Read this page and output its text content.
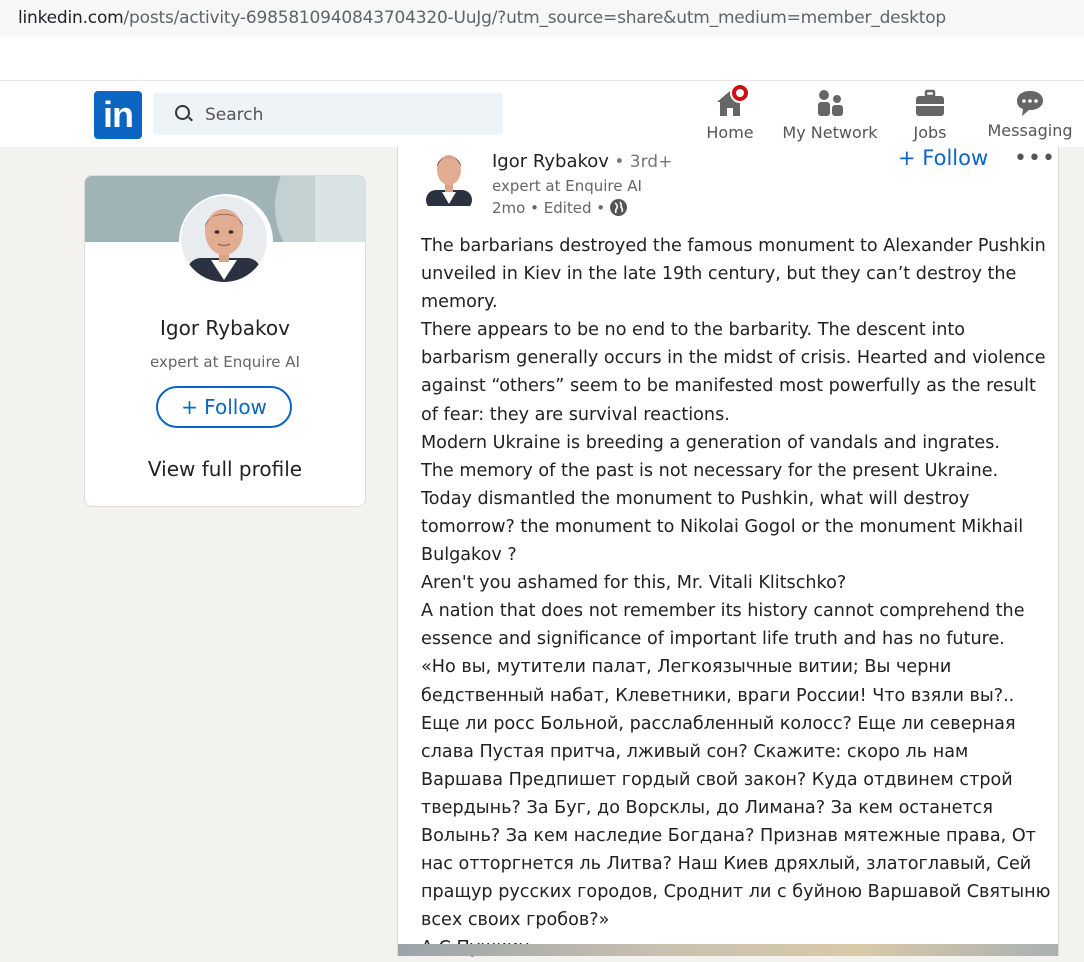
linkedin.com/posts/activity-6985810940843704320-UuJg/?utm_source=share&utm_medium=member_desktop
in
Search	Home	My Network	Jobs	Messaging
Igor Rybakov
expert at Enquire AI
+ Follow
View full profile
Igor Rybakov • 3rd+
expert at Enquire AI
2mo • Edited •
+ Follow •••

The barbarians destroyed the famous monument to Alexander Pushkin unveiled in Kiev in the late 19th century, but they can’t destroy the memory.

There appears to be no end to the barbarity. The descent into barbarism generally occurs in the midst of crisis. Hearted and violence against “others” seem to be manifested most powerfully as the result of fear: they are survival reactions.

Modern Ukraine is breeding a generation of vandals and ingrates.

The memory of the past is not necessary for the present Ukraine. Today dismantled the monument to Pushkin, what will destroy tomorrow? the monument to Nikolai Gogol or the monument Mikhail Bulgakov ?

Aren't you ashamed for this, Mr. Vitali Klitschko?

A nation that does not remember its history cannot comprehend the essence and significance of important life truth and has no future.

«Но вы, мутители палат, Легкоязычные витии; Вы черни бедственный набат, Клеветники, враги России! Что взяли вы?.. Еще ли росс Больной, расслабленный колосс? Еще ли северная слава Пустая притча, лживый сон? Скажите: скоро ль нам Варшава Предпишет гордый свой закон? Куда отдвинем строй твердынь? За Буг, до Ворсклы, до Лимана? За кем останется Волынь? За кем наследие Богдана? Признав мятежные права, От нас отторгнется ль Литва? Наш Киев дряхлый, златоглавый, Сей пращур русских городов, Сроднит ли с буйною Варшавой Святыню всех своих гробов?»
